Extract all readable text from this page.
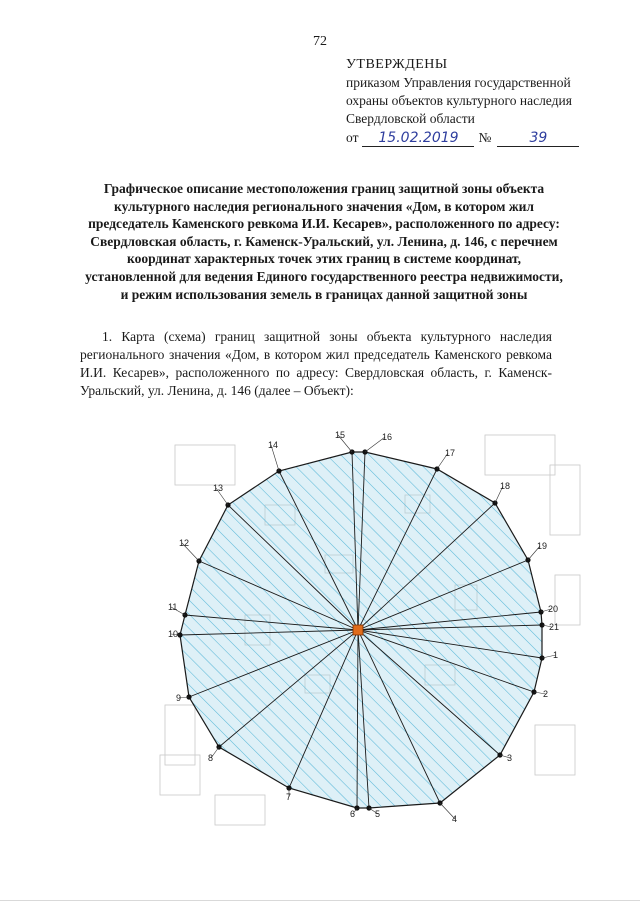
72
УТВЕРЖДЕНЫ
приказом Управления государственной
охраны объектов культурного наследия
Свердловской области
от	15.02.2019	№	39
Графическое описание местоположения границ защитной зоны объекта культурного наследия регионального значения «Дом, в котором жил председатель Каменского ревкома И.И. Кесарев», расположенного по адресу: Свердловская область, г. Каменск-Уральский, ул. Ленина, д. 146, с перечнем координат характерных точек этих границ в системе координат, установленной для ведения Единого государственного реестра недвижимости, и режим использования земель в границах данной защитной зоны
1. Карта (схема) границ защитной зоны объекта культурного наследия регионального значения «Дом, в котором жил председатель Каменского ревкома И.И. Кесарев», расположенного по адресу: Свердловская область, г. Каменск-Уральский, ул. Ленина, д. 146 (далее – Объект):
1
2
3
4
5
6
7
8
9
10
11
12
13
14
15	16
17
18
19
20
21
